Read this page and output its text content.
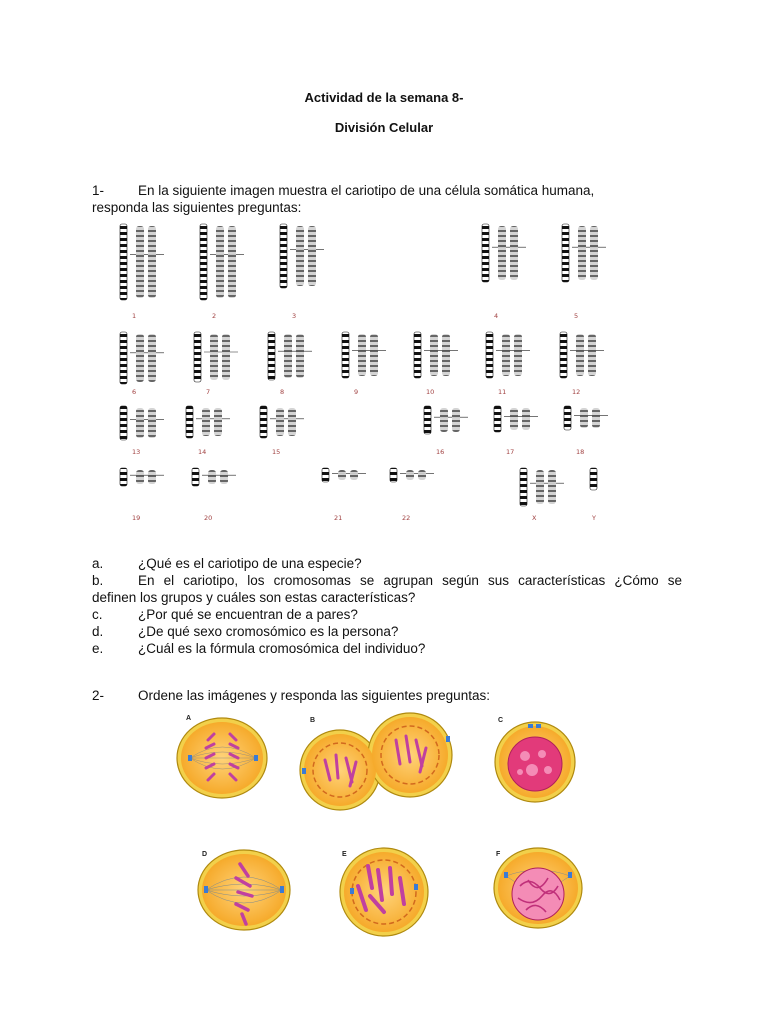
Actividad de la semana 8-
División Celular
1-	En la siguiente imagen muestra el cariotipo de una célula somática humana,
responda las siguientes preguntas:
1	2	3	4	5
6	7	8	9	10	11	12
13	14	15	16	17	18
19	20	21	22	X	Y
a.	¿Qué es el cariotipo de una especie?
b.	En el cariotipo, los cromosomas se agrupan según sus características ¿Cómo se
definen los grupos y cuáles son estas características?
c.	¿Por qué se encuentran de a pares?
d.	¿De qué sexo cromosómico es la persona?
e.	¿Cuál es la fórmula cromosómica del individuo?
2-	Ordene las imágenes y responda las siguientes preguntas:
A	B	C
D	E	F
